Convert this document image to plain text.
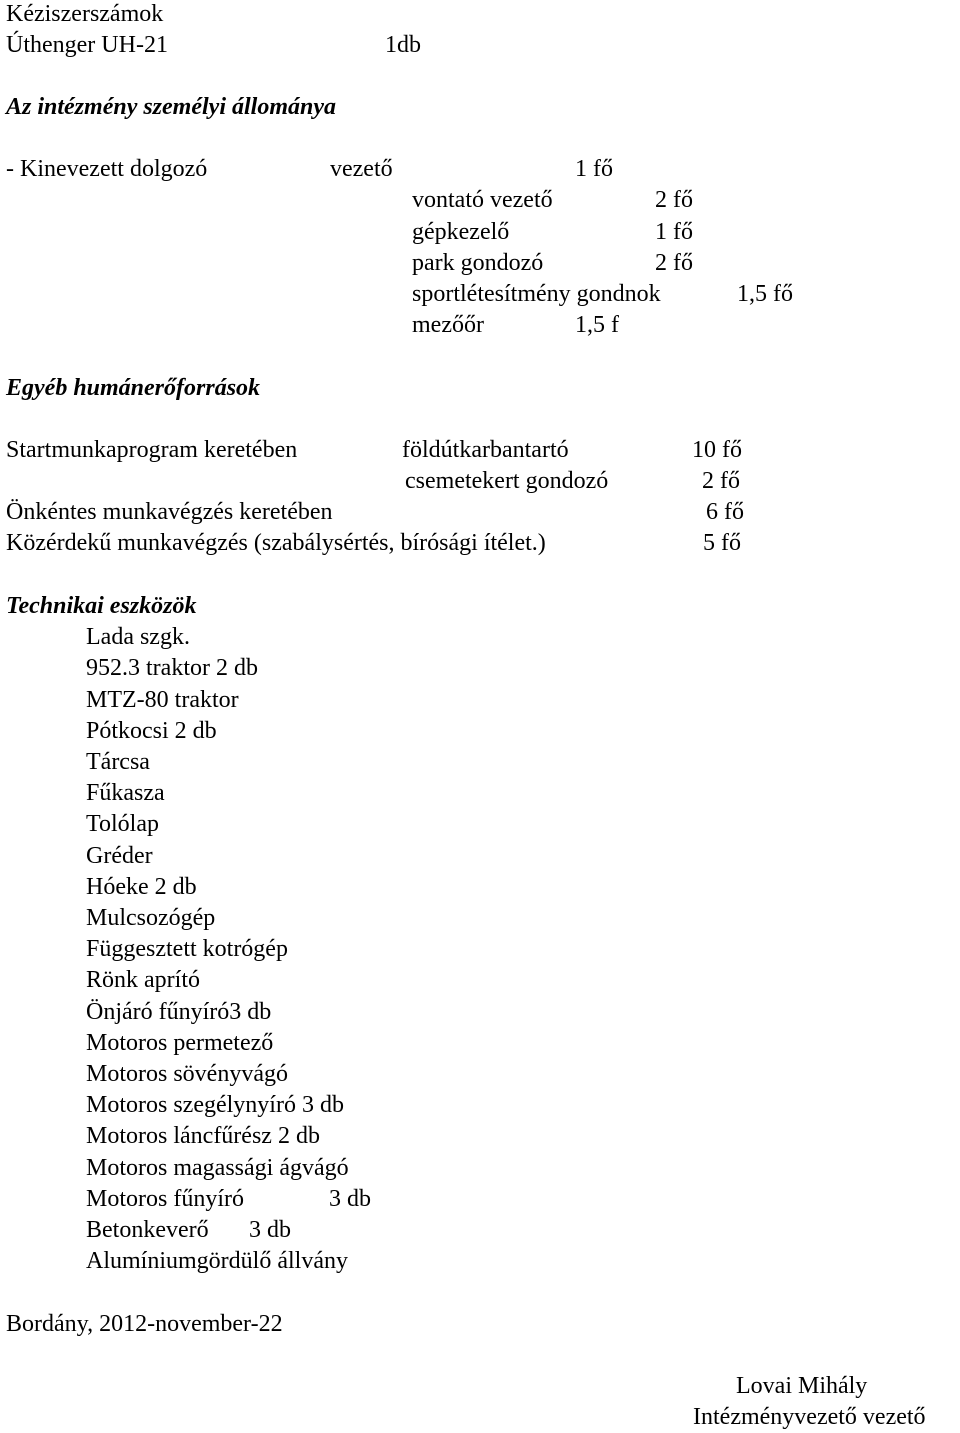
Kéziszerszámok
Úthenger UH-21	1db
Az intézmény személyi állománya
- Kinevezett dolgozó	vezető	1 fő
vontató vezető	2 fő
gépkezelő	1 fő
park gondozó	2 fő
sportlétesítmény gondnok	1,5 fő
mezőőr	1,5 f
Egyéb humánerőforrások
Startmunkaprogram keretében	földútkarbantartó	10 fő
csemetekert gondozó	2 fő
Önkéntes munkavégzés keretében	6 fő
Közérdekű munkavégzés (szabálysértés, bírósági ítélet.)	5 fő
Technikai eszközök
Lada szgk.
952.3 traktor 2 db
MTZ-80 traktor
Pótkocsi 2 db
Tárcsa
Fűkasza
Tolólap
Gréder
Hóeke 2 db
Mulcsozógép
Függesztett kotrógép
Rönk aprító
Önjáró fűnyíró3 db
Motoros permetező
Motoros sövényvágó
Motoros szegélynyíró 3 db
Motoros láncfűrész 2 db
Motoros magassági ágvágó
Motoros fűnyíró	3 db
Betonkeverő 3 db
Alumíniumgördülő állvány
Bordány, 2012-november-22
Lovai Mihály
Intézményvezető vezető
